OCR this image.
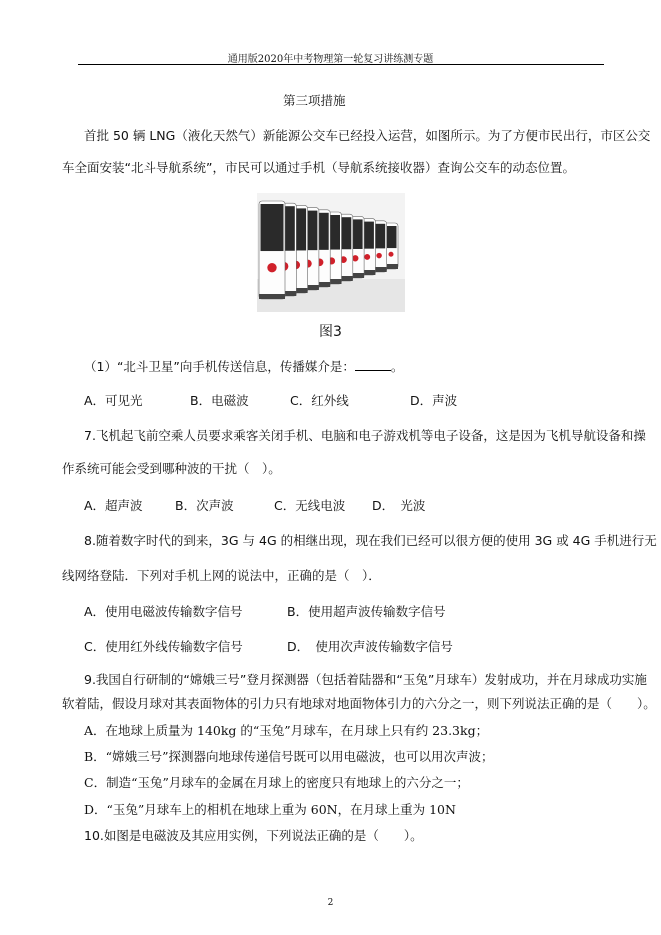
通用版2020年中考物理第一轮复习讲练测专题
第三项措施
首批 50 辆 LNG（液化天然气）新能源公交车已经投入运营，如图所示。为了方便市民出行，市区公交
车全面安装“北斗导航系统”，市民可以通过手机（导航系统接收器）查询公交车的动态位置。
图3
（1）“北斗卫星”向手机传送信息，传播媒介是：	。
A．可见光	B．电磁波	C．红外线	D．声波
7.飞机起飞前空乘人员要求乘客关闭手机、电脑和电子游戏机等电子设备，这是因为飞机导航设备和操
作系统可能会受到哪种波的干扰（　）。
A．超声波	B．次声波	C．无线电波 D．　光波
8.随着数字时代的到来，3G 与 4G 的相继出现，现在我们已经可以很方便的使用 3G 或 4G 手机进行无
线网络登陆．下列对手机上网的说法中，正确的是（　）．
A．使用电磁波传输数字信号	B．使用超声波传输数字信号
C．使用红外线传输数字信号	D．　使用次声波传输数字信号
9.我国自行研制的“嫦娥三号”登月探测器（包括着陆器和“玉兔”月球车）发射成功，并在月球成功实施
软着陆，假设月球对其表面物体的引力只有地球对地面物体引力的六分之一，则下列说法正确的是（　　）。
A．在地球上质量为 140kg 的“玉兔”月球车，在月球上只有约 23.3kg；
B．“嫦娥三号”探测器向地球传递信号既可以用电磁波，也可以用次声波；
C．制造“玉兔”月球车的金属在月球上的密度只有地球上的六分之一；
D．“玉兔”月球车上的相机在地球上重为 60N，在月球上重为 10N
10.如图是电磁波及其应用实例，下列说法正确的是（　　）。
2
